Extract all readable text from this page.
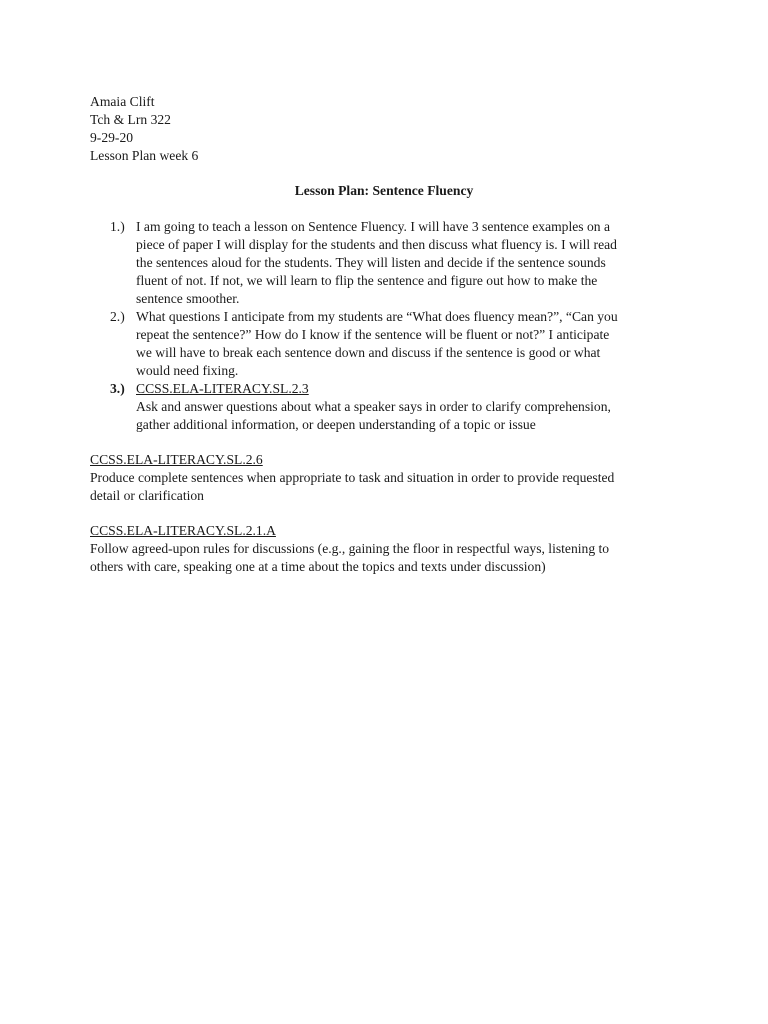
Amaia Clift
Tch & Lrn 322
9-29-20
Lesson Plan week 6
Lesson Plan: Sentence Fluency
1.) I am going to teach a lesson on Sentence Fluency. I will have 3 sentence examples on a
piece of paper I will display for the students and then discuss what fluency is. I will read
the sentences aloud for the students. They will listen and decide if the sentence sounds
fluent of not. If not, we will learn to flip the sentence and figure out how to make the
sentence smoother.
2.) What questions I anticipate from my students are “What does fluency mean?”, “Can you
repeat the sentence?” How do I know if the sentence will be fluent or not?” I anticipate
we will have to break each sentence down and discuss if the sentence is good or what
would need fixing.
3.) CCSS.ELA-LITERACY.SL.2.3
Ask and answer questions about what a speaker says in order to clarify comprehension,
gather additional information, or deepen understanding of a topic or issue
CCSS.ELA-LITERACY.SL.2.6
Produce complete sentences when appropriate to task and situation in order to provide requested
detail or clarification
CCSS.ELA-LITERACY.SL.2.1.A
Follow agreed-upon rules for discussions (e.g., gaining the floor in respectful ways, listening to
others with care, speaking one at a time about the topics and texts under discussion)
